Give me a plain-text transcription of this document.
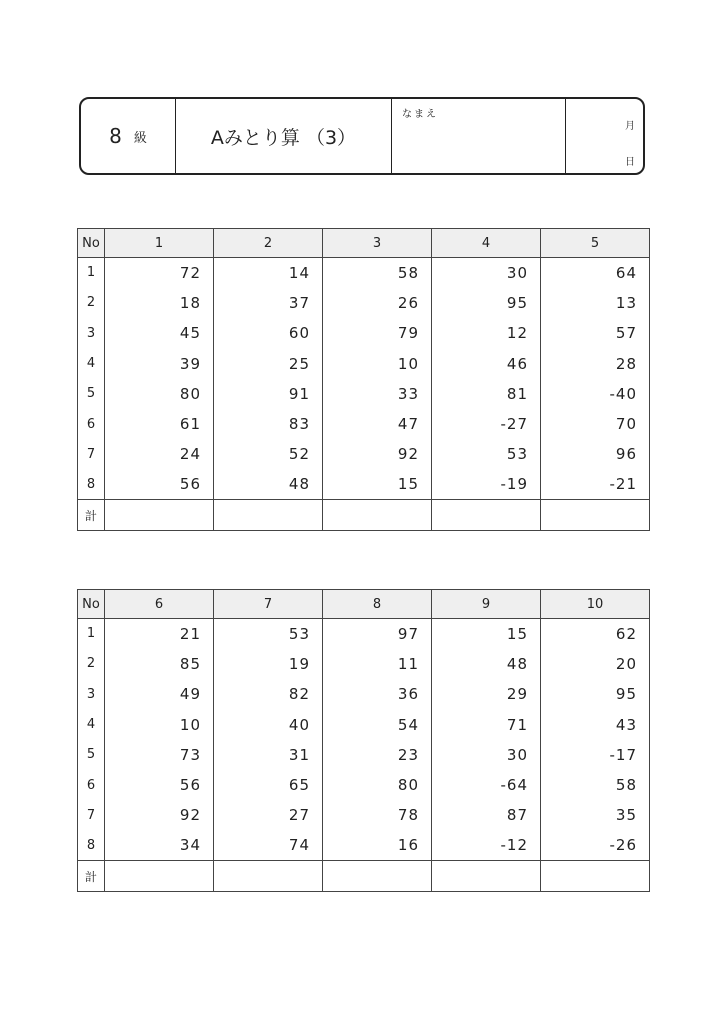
8 級	Aみとり算 （3）
なまえ
月
日
No	1	2	3	4	5
1	72	14	58	30	64
2	18	37	26	95	13
3	45	60	79	12	57
4	39	25	10	46	28
5	80	91	33	81	-40
6	61	83	47	-27	70
7	24	52	92	53	96
8	56	48	15	-19	-21
計					
No	6	7	8	9	10
1	21	53	97	15	62
2	85	19	11	48	20
3	49	82	36	29	95
4	10	40	54	71	43
5	73	31	23	30	-17
6	56	65	80	-64	58
7	92	27	78	87	35
8	34	74	16	-12	-26
計					
